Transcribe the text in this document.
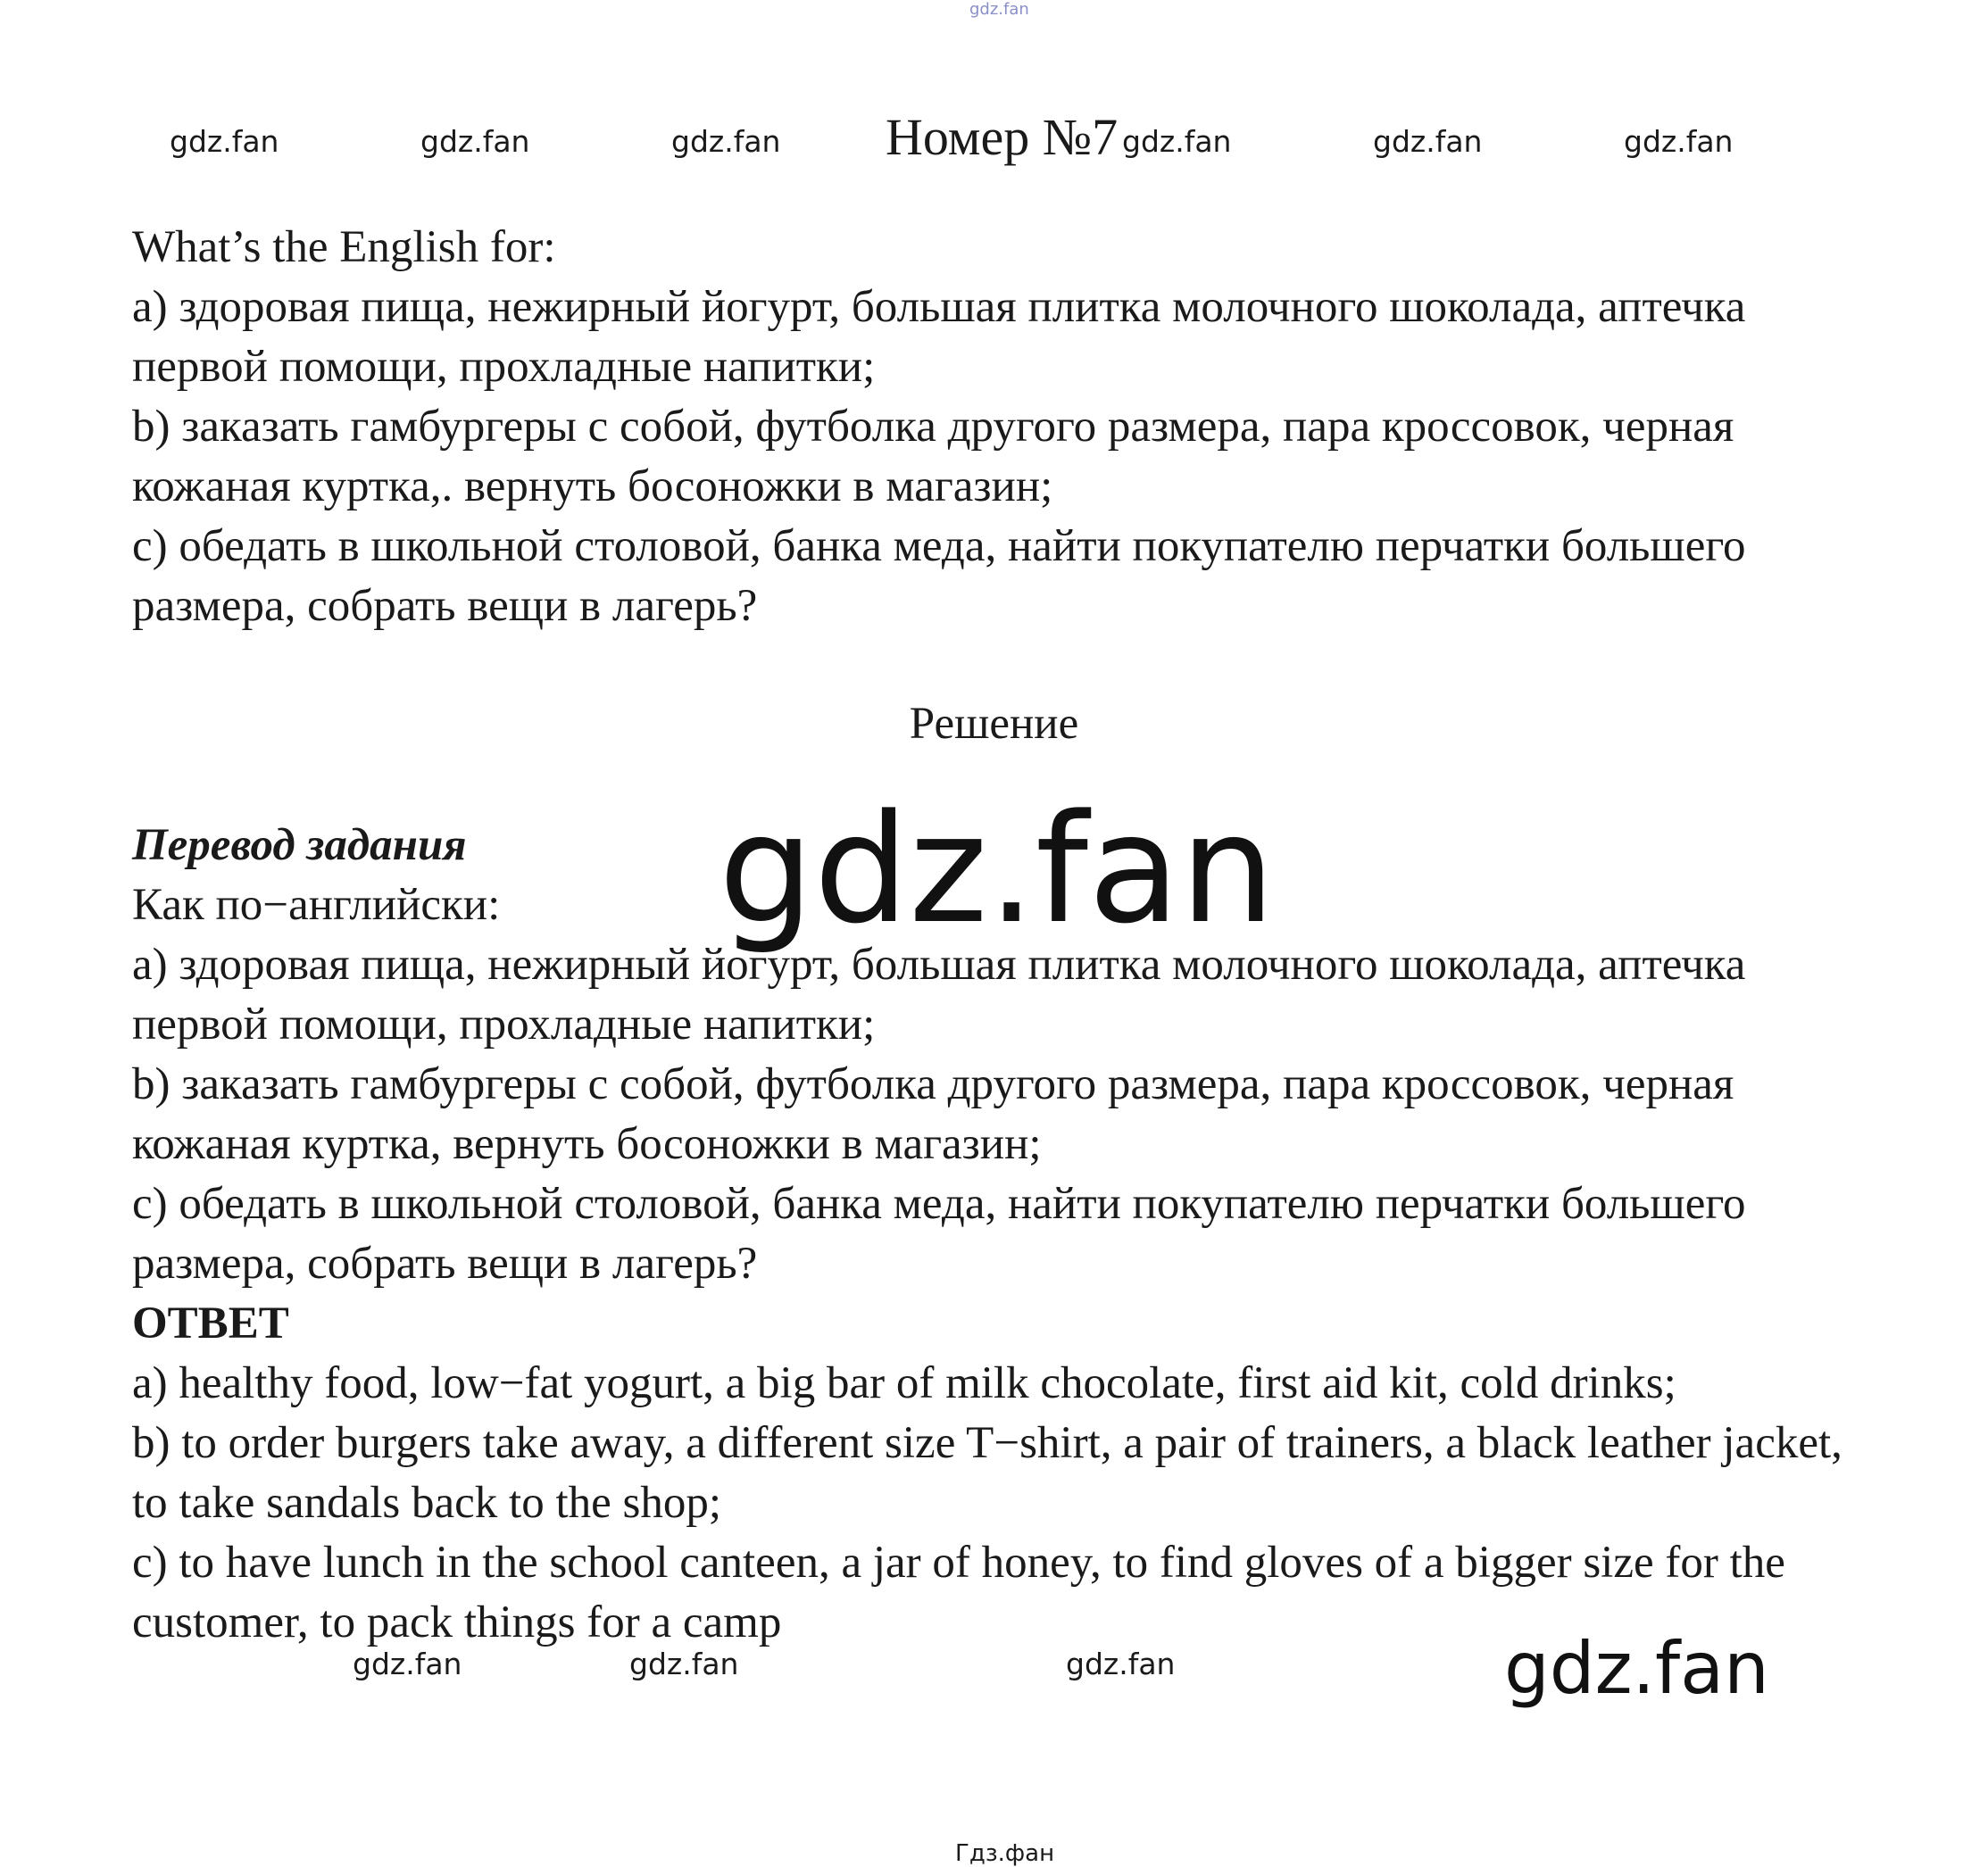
gdz.fan
gdz.fan	gdz.fan	gdz.fan	gdz.fan	gdz.fan	gdz.fan
Номер №7

What’s the English for:

a) здоровая пища, нежирный йогурт, большая плитка молочного шоколада, аптечка первой помощи, прохладные напитки;

b) заказать гамбургеры с собой, футболка другого размера, пара кроссовок, черная кожаная куртка,. вернуть босоножки в магазин;

c) обедать в школьной столовой, банка меда, найти покупателю перчатки большего размера, собрать вещи в лагерь?

Решение

Перевод задания

Как по−английски:

a) здоровая пища, нежирный йогурт, большая плитка молочного шоколада, аптечка первой помощи, прохладные напитки;

b) заказать гамбургеры с собой, футболка другого размера, пара кроссовок, черная кожаная куртка, вернуть босоножки в магазин;

c) обедать в школьной столовой, банка меда, найти покупателю перчатки большего размера, собрать вещи в лагерь?

ОТВЕТ

a) healthy food, low−fat yogurt, a big bar of milk chocolate, first aid kit, cold drinks;

b) to order burgers take away, a different size T−shirt, a pair of trainers, a black leather jacket, to take sandals back to the shop;

c) to have lunch in the school canteen, a jar of honey, to find gloves of a bigger size for the customer, to pack things for a camp

gdz.fan
gdz.fan	gdz.fan	gdz.fan	gdz.fan
Гдз.фан
